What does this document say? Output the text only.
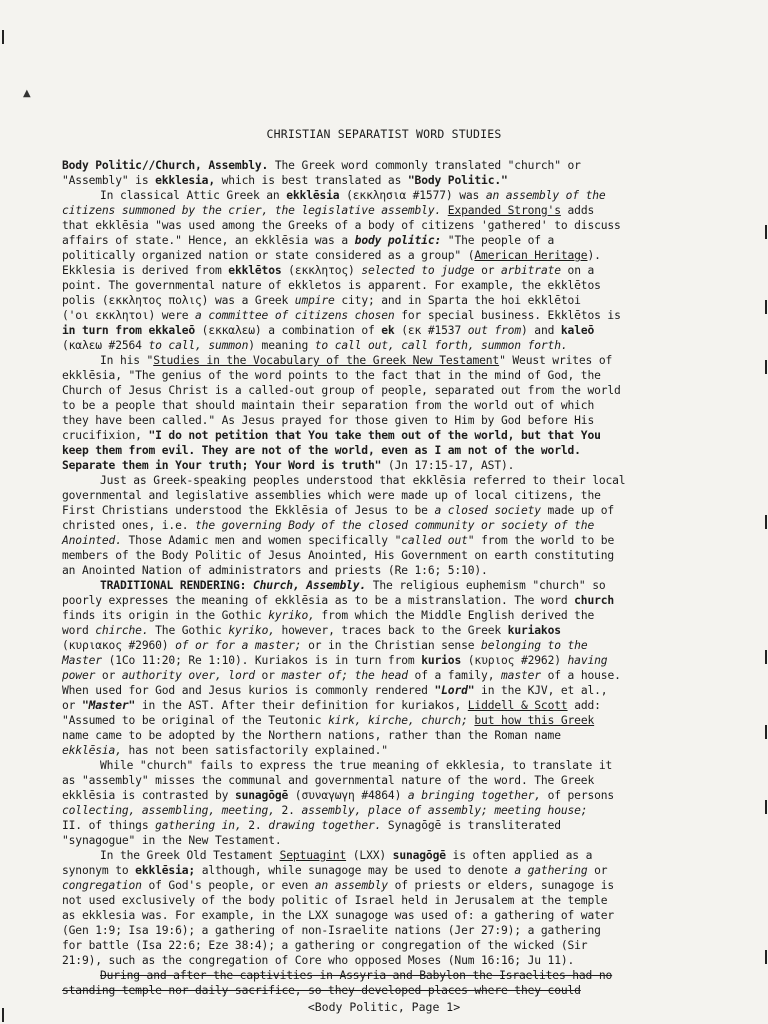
▲
CHRISTIAN SEPARATIST WORD STUDIES
Body Politic//Church, Assembly. The Greek word commonly translated "church" or
"Assembly" is ekklesia, which is best translated as "Body Politic."
In classical Attic Greek an ekklēsia (εκκλησια #1577) was an assembly of the
citizens summoned by the crier, the legislative assembly. Expanded Strong's adds
that ekklēsia "was used among the Greeks of a body of citizens 'gathered' to discuss
affairs of state." Hence, an ekklēsia was a body politic: "The people of a
politically organized nation or state considered as a group" (American Heritage).
Ekklesia is derived from ekklētos (εκκλητος) selected to judge or arbitrate on a
point. The governmental nature of ekkletos is apparent. For example, the ekklētos
polis (εκκλητος πολις) was a Greek umpire city; and in Sparta the hoi ekklētoi
('οι εκκλητοι) were a committee of citizens chosen for special business. Ekklētos is
in turn from ekkaleō (εκκαλεω) a combination of ek (εκ #1537 out from) and kaleō
(καλεω #2564 to call, summon) meaning to call out, call forth, summon forth.
In his "Studies in the Vocabulary of the Greek New Testament" Weust writes of
ekklēsia, "The genius of the word points to the fact that in the mind of God, the
Church of Jesus Christ is a called-out group of people, separated out from the world
to be a people that should maintain their separation from the world out of which
they have been called." As Jesus prayed for those given to Him by God before His
crucifixion, "I do not petition that You take them out of the world, but that You
keep them from evil. They are not of the world, even as I am not of the world.
Separate them in Your truth; Your Word is truth" (Jn 17:15-17, AST).
Just as Greek-speaking peoples understood that ekklēsia referred to their local
governmental and legislative assemblies which were made up of local citizens, the
First Christians understood the Ekklēsia of Jesus to be a closed society made up of
christed ones, i.e. the governing Body of the closed community or society of the
Anointed. Those Adamic men and women specifically "called out" from the world to be
members of the Body Politic of Jesus Anointed, His Government on earth constituting
an Anointed Nation of administrators and priests (Re 1:6; 5:10).
TRADITIONAL RENDERING: Church, Assembly. The religious euphemism "church" so
poorly expresses the meaning of ekklēsia as to be a mistranslation. The word church
finds its origin in the Gothic kyriko, from which the Middle English derived the
word chirche. The Gothic kyriko, however, traces back to the Greek kuriakos
(κυριακος #2960) of or for a master; or in the Christian sense belonging to the
Master (1Co 11:20; Re 1:10). Kuriakos is in turn from kurios (κυριος #2962) having
power or authority over, lord or master of; the head of a family, master of a house.
When used for God and Jesus kurios is commonly rendered "Lord" in the KJV, et al.,
or "Master" in the AST. After their definition for kuriakos, Liddell & Scott add:
"Assumed to be original of the Teutonic kirk, kirche, church; but how this Greek
name came to be adopted by the Northern nations, rather than the Roman name
ekklēsia, has not been satisfactorily explained."
While "church" fails to express the true meaning of ekklesia, to translate it
as "assembly" misses the communal and governmental nature of the word. The Greek
ekklēsia is contrasted by sunagōgē (συναγωγη #4864) a bringing together, of persons
collecting, assembling, meeting, 2. assembly, place of assembly; meeting house;
II. of things gathering in, 2. drawing together. Synagōgē is transliterated
"synagogue" in the New Testament.
In the Greek Old Testament Septuagint (LXX) sunagōgē is often applied as a
synonym to ekklēsia; although, while sunagoge may be used to denote a gathering or
congregation of God's people, or even an assembly of priests or elders, sunagoge is
not used exclusively of the body politic of Israel held in Jerusalem at the temple
as ekklesia was. For example, in the LXX sunagoge was used of: a gathering of water
(Gen 1:9; Isa 19:6); a gathering of non-Israelite nations (Jer 27:9); a gathering
for battle (Isa 22:6; Eze 38:4); a gathering or congregation of the wicked (Sir
21:9), such as the congregation of Core who opposed Moses (Num 16:16; Ju 11).
During and after the captivities in Assyria and Babylon the Israelites had no
standing temple nor daily sacrifice, so they developed places where they could
<Body Politic, Page 1>
